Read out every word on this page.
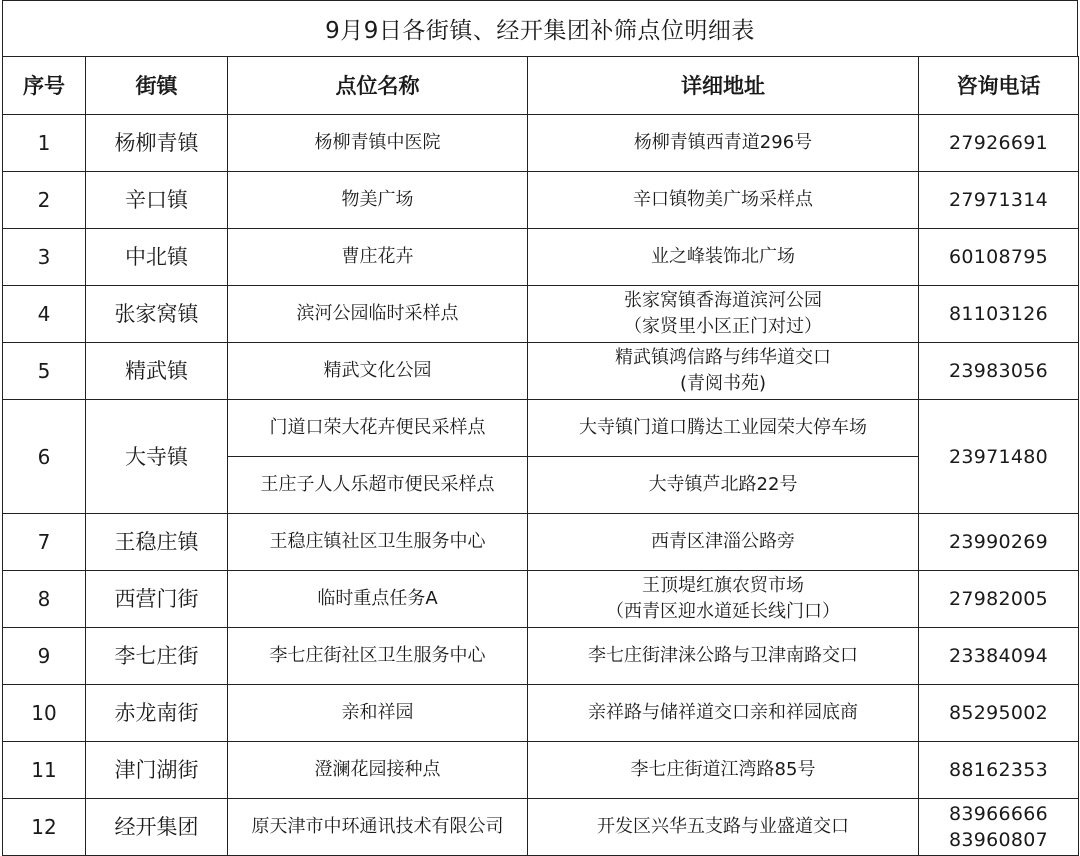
9月9日各街镇、经开集团补筛点位明细表
序号	街镇	点位名称	详细地址	咨询电话
1	杨柳青镇	杨柳青镇中医院	杨柳青镇西青道296号	27926691

2	辛口镇	物美广场	辛口镇物美广场采样点	27971314

3	中北镇	曹庄花卉	业之峰装饰北广场	60108795

4	张家窝镇	滨河公园临时采样点	张家窝镇香海道滨河公园
（家贤里小区正门对过）	81103126

5	精武镇	精武文化公园	精武镇鸿信路与纬华道交口
(青阅书苑)	23983056

6	大寺镇	门道口荣大花卉便民采样点	大寺镇门道口腾达工业园荣大停车场	23971480

		王庄子人人乐超市便民采样点	大寺镇芦北路22号	

7	王稳庄镇	王稳庄镇社区卫生服务中心	西青区津淄公路旁	23990269

8	西营门街	临时重点任务A	王顶堤红旗农贸市场
（西青区迎水道延长线门口）	27982005

9	李七庄街	李七庄街社区卫生服务中心	李七庄街津涞公路与卫津南路交口	23384094

10	赤龙南街	亲和祥园	亲祥路与储祥道交口亲和祥园底商	85295002

11	津门湖街	澄澜花园接种点	李七庄街道江湾路85号	88162353

12	经开集团	原天津市中环通讯技术有限公司	开发区兴华五支路与业盛道交口	83966666
83960807
